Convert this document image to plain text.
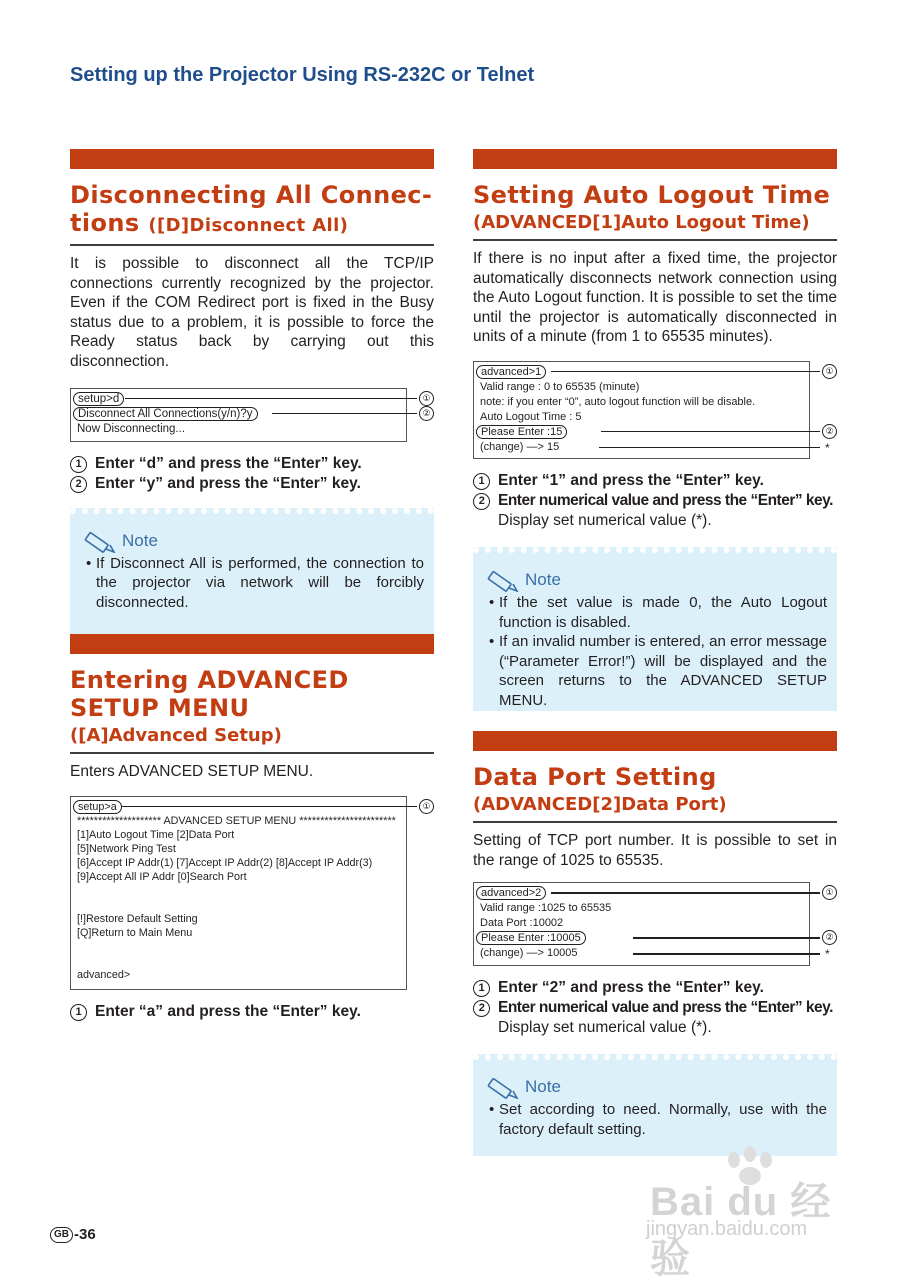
Setting up the Projector Using RS-232C or Telnet
Disconnecting All Connec-
tions ([D]Disconnect All)

It is possible to disconnect all the TCP/IP connections currently recognized by the projector. Even if the COM Redirect port is fixed in the Busy status due to a problem, it is possible to force the Ready status back by carrying out this disconnection.

setup>d
Disconnect All Connections(y/n)?y
Now Disconnecting...
①
②
1 Enter “d” and press the “Enter” key.
2 Enter “y” and press the “Enter” key.
Note
• If Disconnect All is performed, the connection to the projector via network will be forcibly disconnected.
Entering ADVANCED
SETUP MENU
([A]Advanced Setup)

Enters ADVANCED SETUP MENU.

setup>a
******************** ADVANCED SETUP MENU ***********************
[1]Auto Logout Time [2]Data Port
[5]Network Ping Test
[6]Accept IP Addr(1) [7]Accept IP Addr(2) [8]Accept IP Addr(3)
[9]Accept All IP Addr [0]Search Port
[!]Restore Default Setting
[Q]Return to Main Menu
advanced>
①
1 Enter “a” and press the “Enter” key.
Setting Auto Logout Time
(ADVANCED[1]Auto Logout Time)

If there is no input after a fixed time, the projector automatically disconnects network connection using the Auto Logout function. It is possible to set the time until the projector is automatically disconnected in units of a minute (from 1 to 65535 minutes).

advanced>1
Valid range : 0 to 65535 (minute)
note: if you enter “0”, auto logout function will be disable.
Auto Logout Time : 5
Please Enter :15
(change) —> 15
①
②
*
1 Enter “1” and press the “Enter” key.
2 Enter numerical value and press the “Enter” key.
Display set numerical value (*).
Note
• If the set value is made 0, the Auto Logout function is disabled.
• If an invalid number is entered, an error message (“Parameter Error!”) will be displayed and the screen returns to the ADVANCED SETUP MENU.
Data Port Setting
(ADVANCED[2]Data Port)

Setting of TCP port number. It is possible to set in the range of 1025 to 65535.

advanced>2
Valid range :1025 to 65535
Data Port :10002
Please Enter :10005
(change) —> 10005
①
②
*
1 Enter “2” and press the “Enter” key.
2 Enter numerical value and press the “Enter” key.
Display set numerical value (*).
Note
• Set according to need. Normally, use with the factory default setting.
GB -36
Bai du 经验
jingyan.baidu.com
